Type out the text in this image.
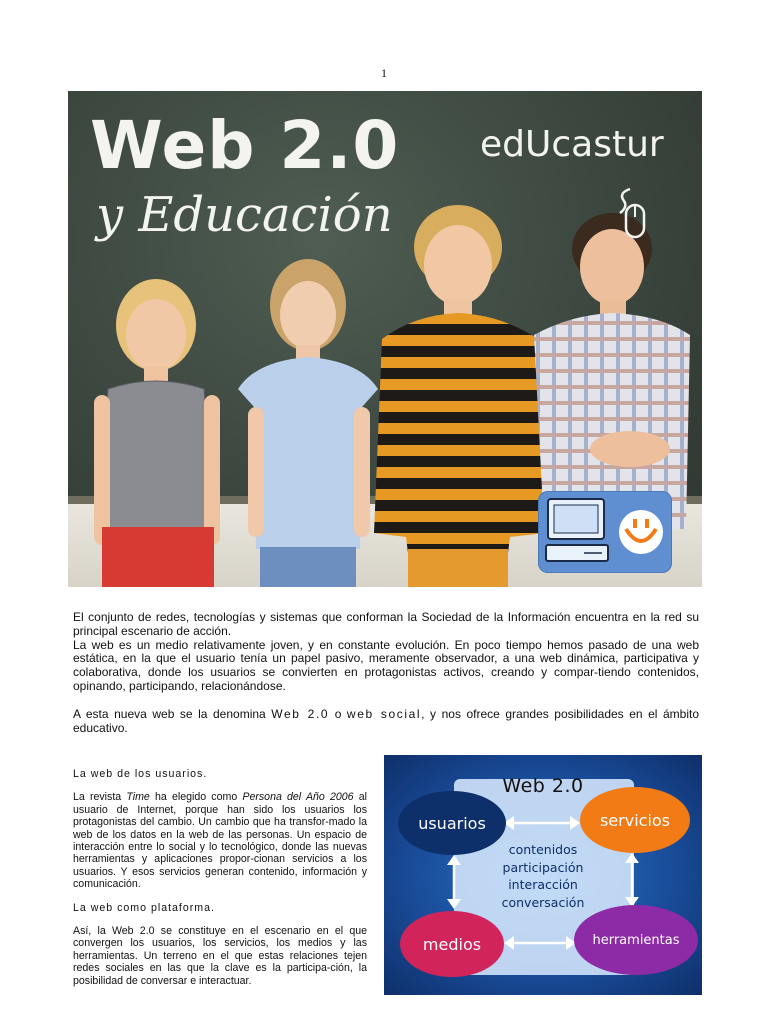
1
Web 2.0
y Educación
edUcastur

El conjunto de redes, tecnologías y sistemas que conforman la Sociedad de la Información encuentra en la red su principal escenario de acción.

La web es un medio relativamente joven, y en constante evolución. En poco tiempo hemos pasado de una web estática, en la que el usuario tenía un papel pasivo, meramente observador, a una web dinámica, participativa y colaborativa, donde los usuarios se convierten en protagonistas activos, creando y compar-tiendo contenidos, opinando, participando, relacionándose.

A esta nueva web se la denomina Web 2.0 o web social, y nos ofrece grandes posibilidades en el ámbito educativo.

La web de los usuarios.

La revista Time ha elegido como Persona del Año 2006 al usuario de Internet, porque han sido los usuarios los protagonistas del cambio. Un cambio que ha transfor-mado la web de los datos en la web de las personas. Un espacio de interacción entre lo social y lo tecnológico, donde las nuevas herramientas y aplicaciones propor-cionan servicios a los usuarios. Y esos servicios generan contenido, información y comunicación.

La web como plataforma.

Así, la Web 2.0 se constituye en el escenario en el que convergen los usuarios, los servicios, los medios y las herramientas. Un terreno en el que estas relaciones tejen redes sociales en las que la clave es la participa-ción, la posibilidad de conversar e interactuar.

Web 2.0
usuarios	servicios
medios	herramientas
contenidos
participación
interacción
conversación
